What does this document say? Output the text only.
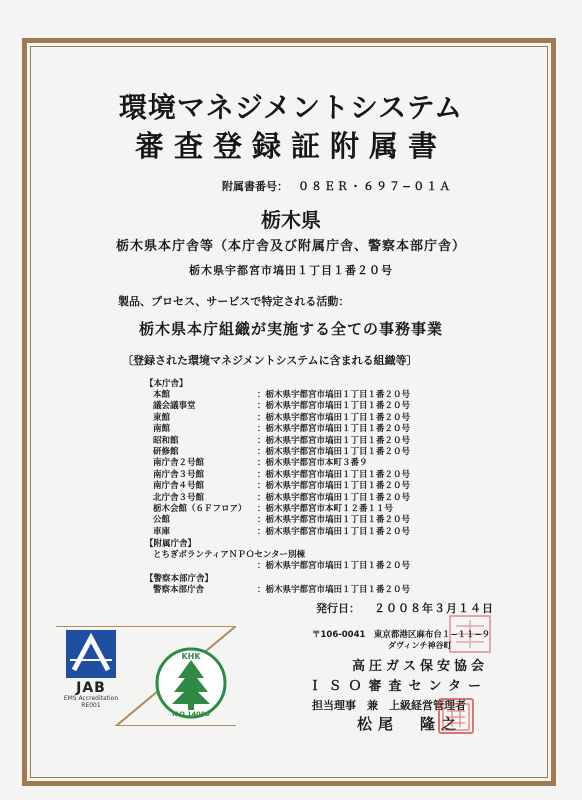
環境マネジメントシステム
審査登録証附属書
附属書番号： ０８ＥＲ・６９７−０１Ａ
栃木県
栃木県本庁舎等（本庁舎及び附属庁舎、警察本部庁舎）
栃木県宇都宮市塙田１丁目１番２０号
製品、プロセス、サービスで特定される活動：
栃木県本庁組織が実施する全ての事務事業
〔登録された環境マネジメントシステムに含まれる組織等〕
【本庁舎】
本館	：栃木県宇都宮市塙田１丁目１番２０号
議会議事堂	：栃木県宇都宮市塙田１丁目１番２０号
東館	：栃木県宇都宮市塙田１丁目１番２０号
南館	：栃木県宇都宮市塙田１丁目１番２０号
昭和館	：栃木県宇都宮市塙田１丁目１番２０号
研修館	：栃木県宇都宮市塙田１丁目１番２０号
南庁舎２号館	：栃木県宇都宮市本町３番９
南庁舎３号館	：栃木県宇都宮市塙田１丁目１番２０号
南庁舎４号館	：栃木県宇都宮市塙田１丁目１番２０号
北庁舎３号館	：栃木県宇都宮市塙田１丁目１番２０号
栃木会館（６Ｆフロア） ：栃木県宇都宮市本町１２番１１号
公館	：栃木県宇都宮市塙田１丁目１番２０号
車庫	：栃木県宇都宮市塙田１丁目１番２０号
【附属庁舎】
とちぎボランティアＮＰＯセンター別棟
：栃木県宇都宮市塙田１丁目１番２０号
【警察本部庁舎】
警察本部庁舎	：栃木県宇都宮市塙田１丁目１番２０号
発行日： ２００８年３月１４日
〒106-0041　東京都港区麻布台１−１１−９
ダヴィンチ神谷町
高圧ガス保安協会
ＩＳＯ審査センター
担当理事　兼　上級経営管理者
松尾　隆之
JAB
EMS Accreditation
RE001
KHK
ISO 14000
